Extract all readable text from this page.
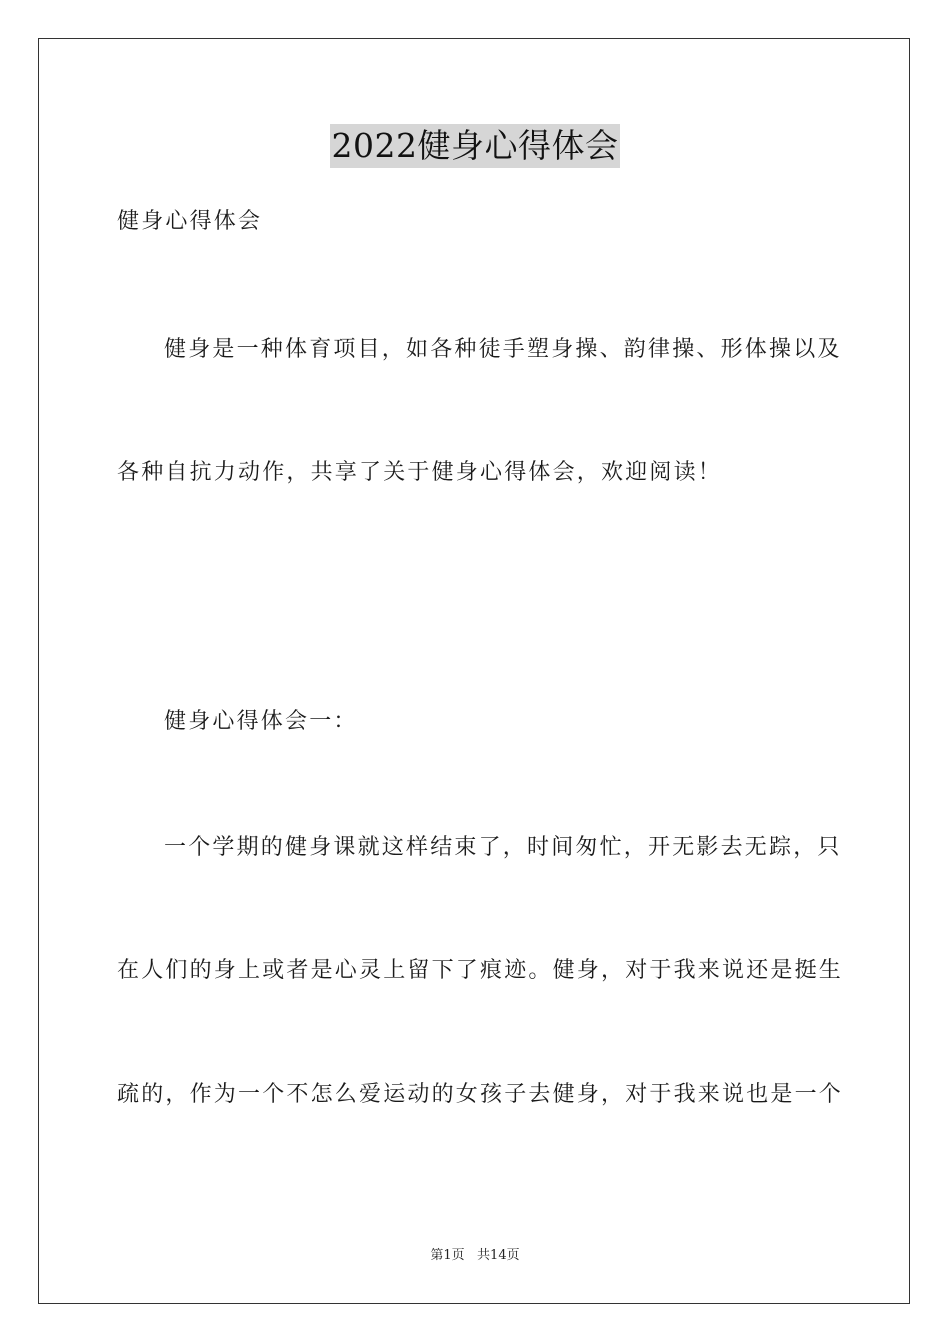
2022健身心得体会
健身心得体会
健身是一种体育项目，如各种徒手塑身操、韵律操、形体操以及
各种自抗力动作，共享了关于健身心得体会，欢迎阅读！
健身心得体会一：
一个学期的健身课就这样结束了，时间匆忙，开无影去无踪，只
在人们的身上或者是心灵上留下了痕迹。健身，对于我来说还是挺生
疏的，作为一个不怎么爱运动的女孩子去健身，对于我来说也是一个
第1页   共14页
